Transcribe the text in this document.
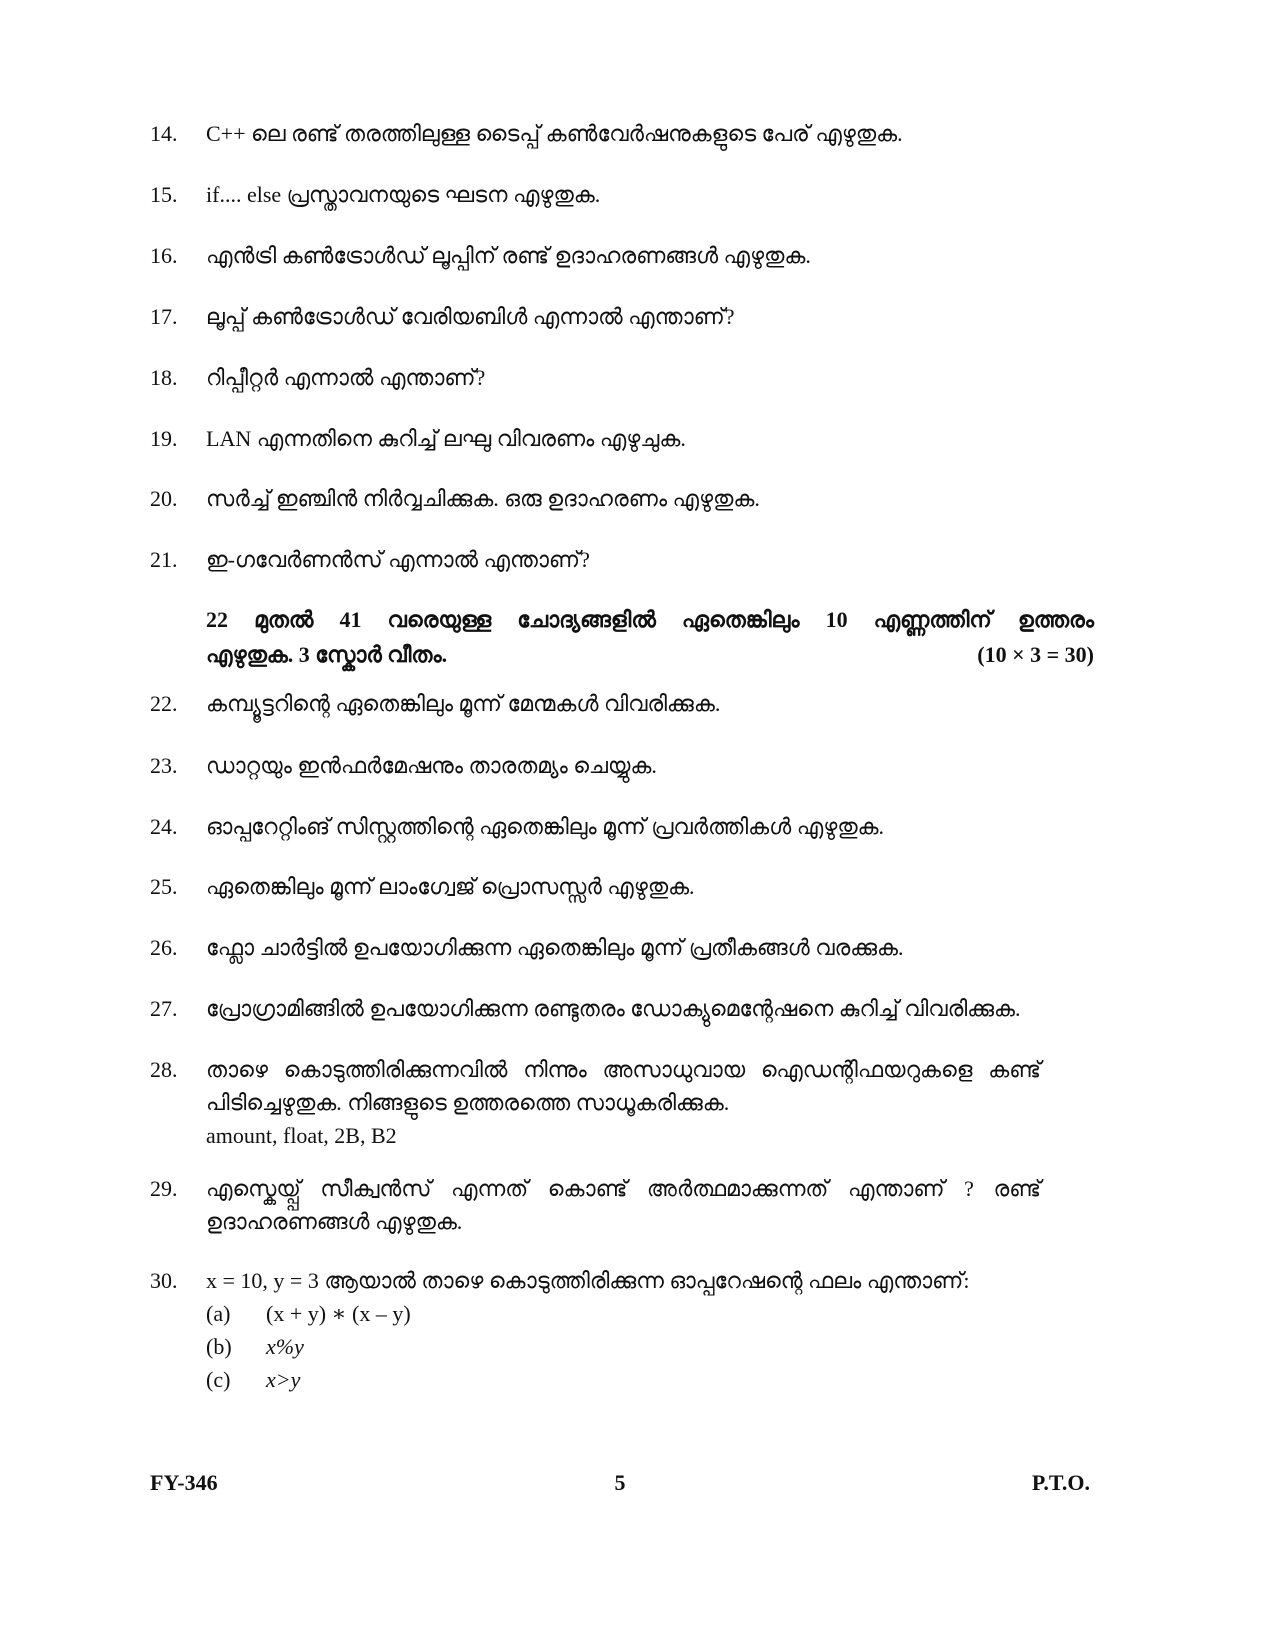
14.	C++ ലെ രണ്ട് തരത്തിലുള്ള ടൈപ്പ് കൺവേർഷനുകളുടെ പേര് എഴുതുക.
15.	if.... else പ്രസ്താവനയുടെ ഘടന എഴുതുക.
16.	എൻട്രി കൺട്രോൾഡ് ലൂപ്പിന് രണ്ട് ഉദാഹരണങ്ങൾ എഴുതുക.
17.	ലൂപ്പ് കൺട്രോൾഡ് വേരിയബിൾ എന്നാൽ എന്താണ്?
18.	റിപ്പീറ്റർ എന്നാൽ എന്താണ്?
19.	LAN എന്നതിനെ കുറിച്ച് ലഘു വിവരണം എഴുചുക.
20.	സർച്ച് ഇഞ്ചിൻ നിർവ്വചിക്കുക. ഒരു ഉദാഹരണം എഴുതുക.
21.	ഇ-ഗവേർണൻസ് എന്നാൽ എന്താണ്?
22 മുതൽ 41 വരെയുള്ള ചോദ്യങ്ങളിൽ ഏതെങ്കിലും 10 എണ്ണത്തിന് ഉത്തരം
എഴുതുക. 3 സ്കോർ വീതം.	(10 × 3 = 30)
22.	കമ്പ്യൂട്ടറിന്റെ ഏതെങ്കിലും മൂന്ന് മേന്മകൾ വിവരിക്കുക.
23.	ഡാറ്റയും ഇൻഫർമേഷനും താരതമ്യം ചെയ്യുക.
24.	ഓപ്പറേറ്റിംങ് സിസ്റ്റത്തിന്റെ ഏതെങ്കിലും മൂന്ന് പ്രവർത്തികൾ എഴുതുക.
25.	ഏതെങ്കിലും മൂന്ന് ലാംഗ്വേജ് പ്രൊസസ്സർ എഴുതുക.
26.	ഫ്ലോ ചാർട്ടിൽ ഉപയോഗിക്കുന്ന ഏതെങ്കിലും മൂന്ന് പ്രതീകങ്ങൾ വരക്കുക.
27.	പ്രോഗ്രാമിങ്ങിൽ ഉപയോഗിക്കുന്ന രണ്ടുതരം ഡോക്യുമെന്റേഷനെ കുറിച്ച് വിവരിക്കുക.
28.	താഴെ കൊടുത്തിരിക്കുന്നവിൽ നിന്നും അസാധുവായ ഐഡന്റിഫയറുകളെ കണ്ട്
പിടിച്ചെഴുതുക. നിങ്ങളുടെ ഉത്തരത്തെ സാധൂകരിക്കുക.
amount, float, 2B, B2
29.	എസ്കെയ്പ്പ് സീക്വൻസ് എന്നത് കൊണ്ട് അർത്ഥമാക്കുന്നത് എന്താണ് ? രണ്ട്
ഉദാഹരണങ്ങൾ എഴുതുക.
30.	x = 10, y = 3 ആയാൽ താഴെ കൊടുത്തിരിക്കുന്ന ഓപ്പറേഷന്റെ ഫലം എന്താണ്:
(a) (x + y) ∗ (x – y)
(b) x%y
(c) x>y
FY-346	5	P.T.O.
